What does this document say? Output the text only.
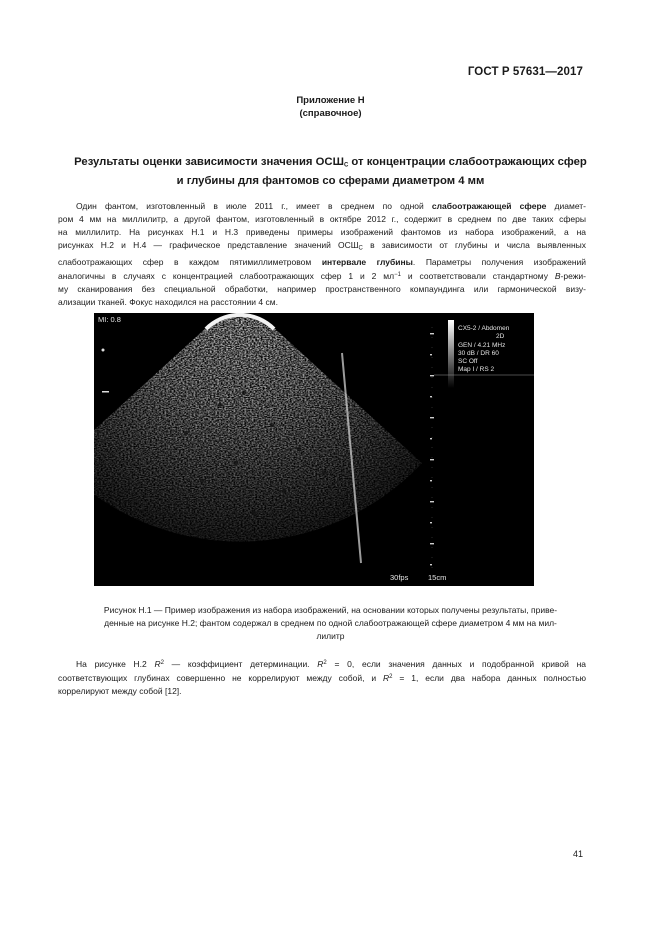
ГОСТ Р 57631—2017
Приложение Н
(справочное)
Результаты оценки зависимости значения $ОСШ_С$ от концентрации слабоотражающих сфер
и глубины для фантомов со сферами диаметром 4 мм
Один фантом, изготовленный в июле 2011 г., имеет в среднем по одной слабоотражающей сфере диамет-
ром 4 мм на миллилитр, а другой фантом, изготовленный в октябре 2012 г., содержит в среднем по две таких сферы
на миллилитр. На рисунках Н.1 и Н.3 приведены примеры изображений фантомов из набора изображений, а на
рисунках Н.2 и Н.4 — графическое представление значений $ОСШ_С$ в зависимости от глубины и числа выявленных
слабоотражающих сфер в каждом пятимиллиметровом интервале глубины. Параметры получения изображений
аналогичны в случаях с концентрацией слабоотражающих сфер 1 и 2 $мл^{-1}$ и соответствовали стандартному В-режи-
му сканирования без специальной обработки, например пространственного компаундинга или гармонической визу-
ализации тканей. Фокус находился на расстоянии 4 см.
MI: 0.8
CX5-2 / Abdomen
2D
GEN / 4.21 MHz
30 dB / DR 60
SC Off
Map I / RS 2
30fps	15cm
Рисунок Н.1 — Пример изображения из набора изображений, на основании которых получены результаты, приве-
денные на рисунке Н.2; фантом содержал в среднем по одной слабоотражающей сфере диаметром 4 мм на мил-
лилитр
На рисунке Н.2 $R^2$ — коэффициент детерминации. $R^2 = 0$, если значения данных и подобранной кривой на
соответствующих глубинах совершенно не коррелируют между собой, и $R^2 = 1$, если два набора данных полностью
коррелируют между собой [12].
41
